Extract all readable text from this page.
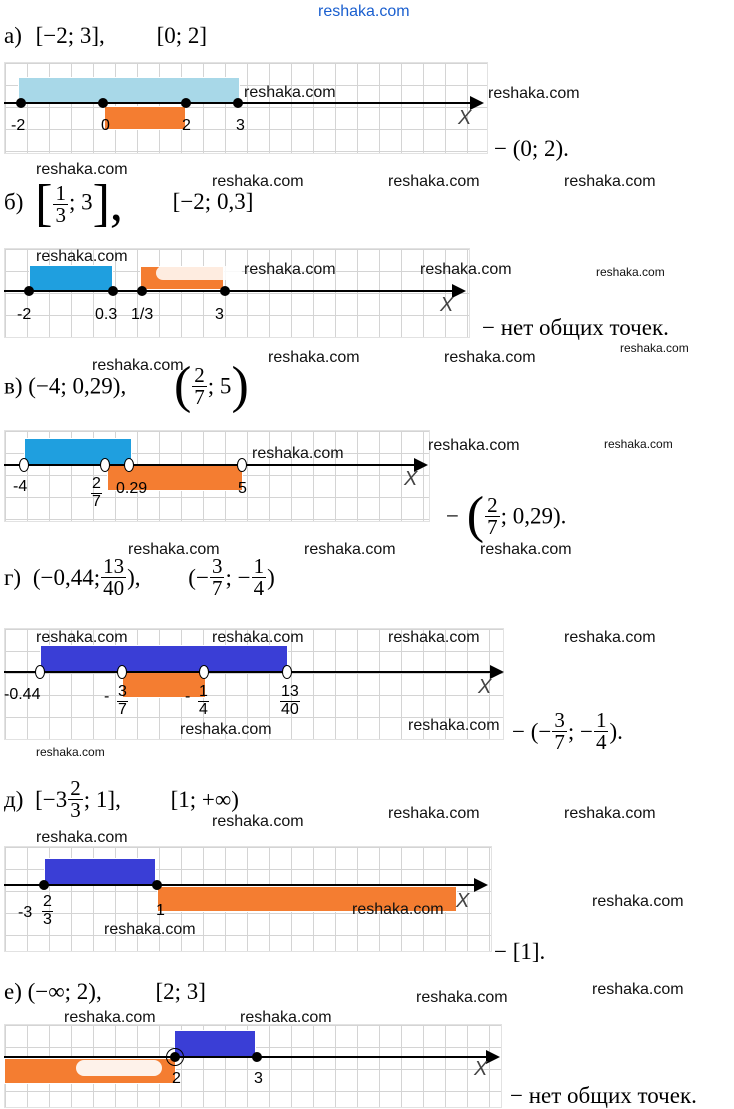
reshaka.com
а) [−2; 3], [0; 2]
X
-2	0	2	3
− (0; 2).
б) [ $\frac{1}{3}$ ; 3], [−2; 0,3]
X
-2	0.3 1/3	3
− нет общих точек.
в) (−4; 0,29), ( $\frac{2}{7}$ ; 5)
X
-4	2
7
0.29	5
− ( $\frac{2}{7}$ ; 0,29).
г) (−0,44; $\frac{13}{40}$ ), (− $\frac{3}{7}$ ; − $\frac{1}{4}$ )
X
-0.44	- 3
7
- 1
4
13
40
− (− $\frac{3}{7}$ ; − $\frac{1}{4}$ ).
д) [$-3 \frac{2}{3}$ ; 1], [1; +∞)
X
-3
2
3
1
− [1].
е) (−∞; 2), [2; 3]
X
2	3
− нет общих точек.
reshaka.com	reshaka.com
reshaka.com
reshaka.com	reshaka.com	reshaka.com
reshaka.com
reshaka.com	reshaka.com	reshaka.com
reshaka.com
reshaka.com	reshaka.com	reshaka.com
reshaka.com	reshaka.com	reshaka.com
reshaka.com	reshaka.com	reshaka.com
reshaka.com	reshaka.com	reshaka.com	reshaka.com
reshaka.com	reshaka.com
reshaka.com
reshaka.com	reshaka.com
reshaka.com
reshaka.com
reshaka.com	reshaka.com
reshaka.com
reshaka.com	reshaka.com
reshaka.com	reshaka.com
